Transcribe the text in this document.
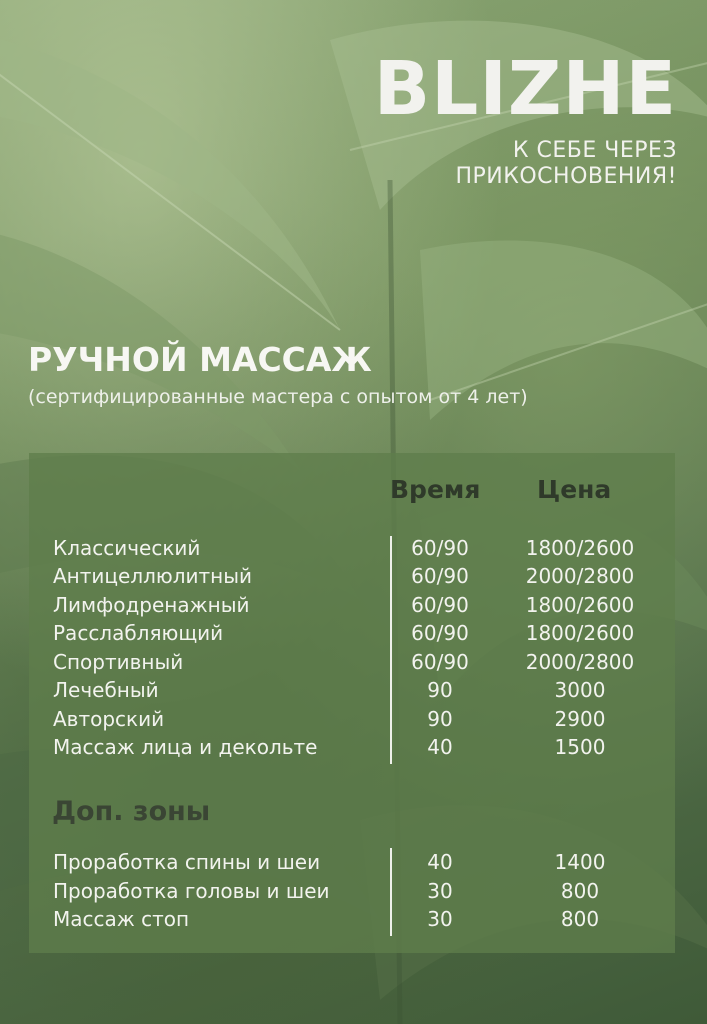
BLIZHE
К СЕБЕ ЧЕРЕЗ
ПРИКОСНОВЕНИЯ!
РУЧНОЙ МАССАЖ
(сертифицированные мастера с опытом от 4 лет)
Время Цена
Классический	60/90	1800/2600
Антицеллюлитный	60/90	2000/2800
Лимфодренажный	60/90	1800/2600
Расслабляющий	60/90	1800/2600
Спортивный	60/90	2000/2800
Лечебный	90	3000
Авторский	90	2900
Массаж лица и декольте	40	1500
Доп. зоны
Проработка спины и шеи	40	1400
Проработка головы и шеи	30	800
Массаж стоп	30	800
